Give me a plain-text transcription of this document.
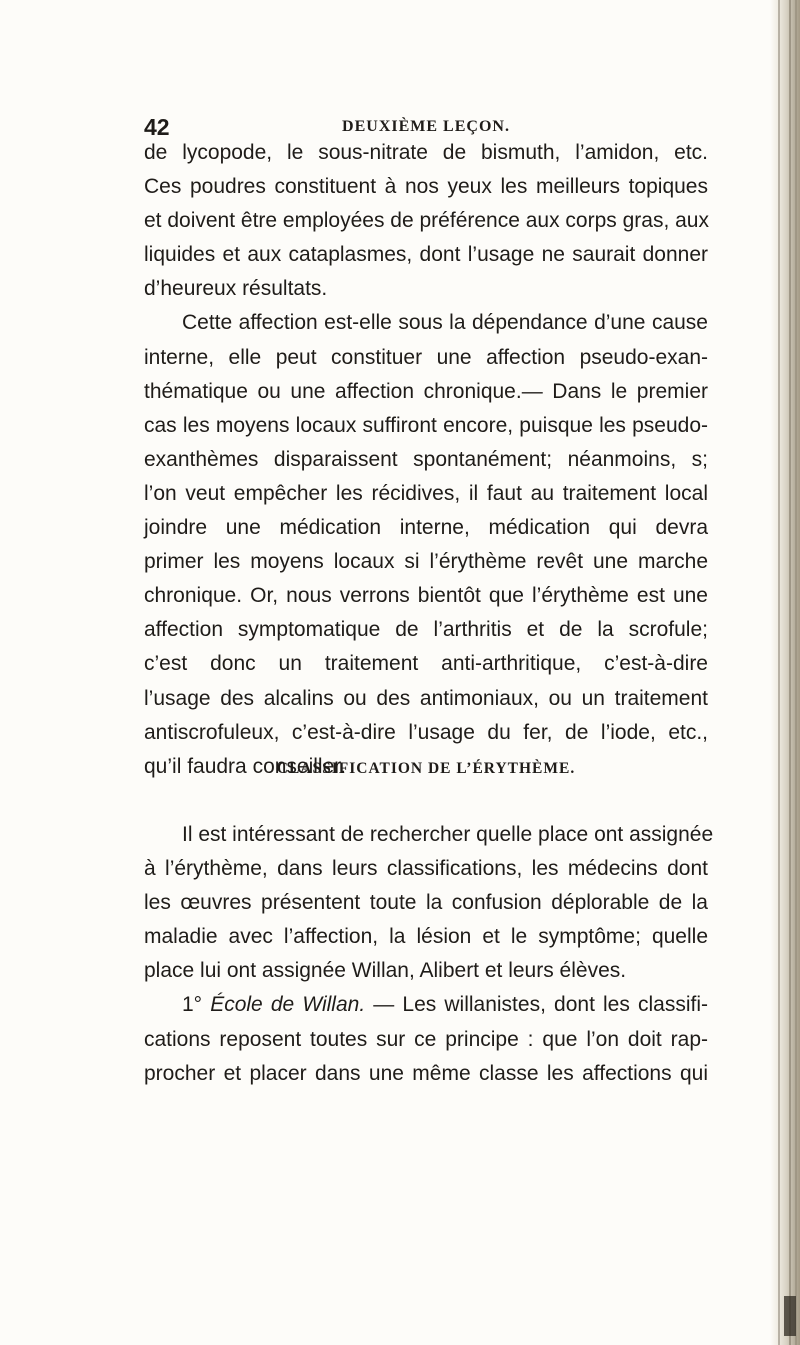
42	DEUXIÈME LEÇON.
de lycopode, le sous-nitrate de bismuth, l’amidon, etc.
Ces poudres constituent à nos yeux les meilleurs topiques
et doivent être employées de préférence aux corps gras, aux
liquides et aux cataplasmes, dont l’usage ne saurait donner
d’heureux résultats.
Cette affection est-elle sous la dépendance d’une cause
interne, elle peut constituer une affection pseudo-exan-
thématique ou une affection chronique.— Dans le premier
cas les moyens locaux suffiront encore, puisque les pseudo-
exanthèmes disparaissent spontanément; néanmoins, s;
l’on veut empêcher les récidives, il faut au traitement local
joindre une médication interne, médication qui devra
primer les moyens locaux si l’érythème revêt une marche
chronique. Or, nous verrons bientôt que l’érythème est une
affection symptomatique de l’arthritis et de la scrofule;
c’est donc un traitement anti-arthritique, c’est-à-dire
l’usage des alcalins ou des antimoniaux, ou un traitement
antiscrofuleux, c’est-à-dire l’usage du fer, de l’iode, etc.,
qu’il faudra conseiller.
CLASSIFICATION DE L’ÉRYTHÈME.
Il est intéressant de rechercher quelle place ont assignée
à l’érythème, dans leurs classifications, les médecins dont
les œuvres présentent toute la confusion déplorable de la
maladie avec l’affection, la lésion et le symptôme; quelle
place lui ont assignée Willan, Alibert et leurs élèves.
1° École de Willan. — Les willanistes, dont les classifi-
cations reposent toutes sur ce principe : que l’on doit rap-
procher et placer dans une même classe les affections qui
